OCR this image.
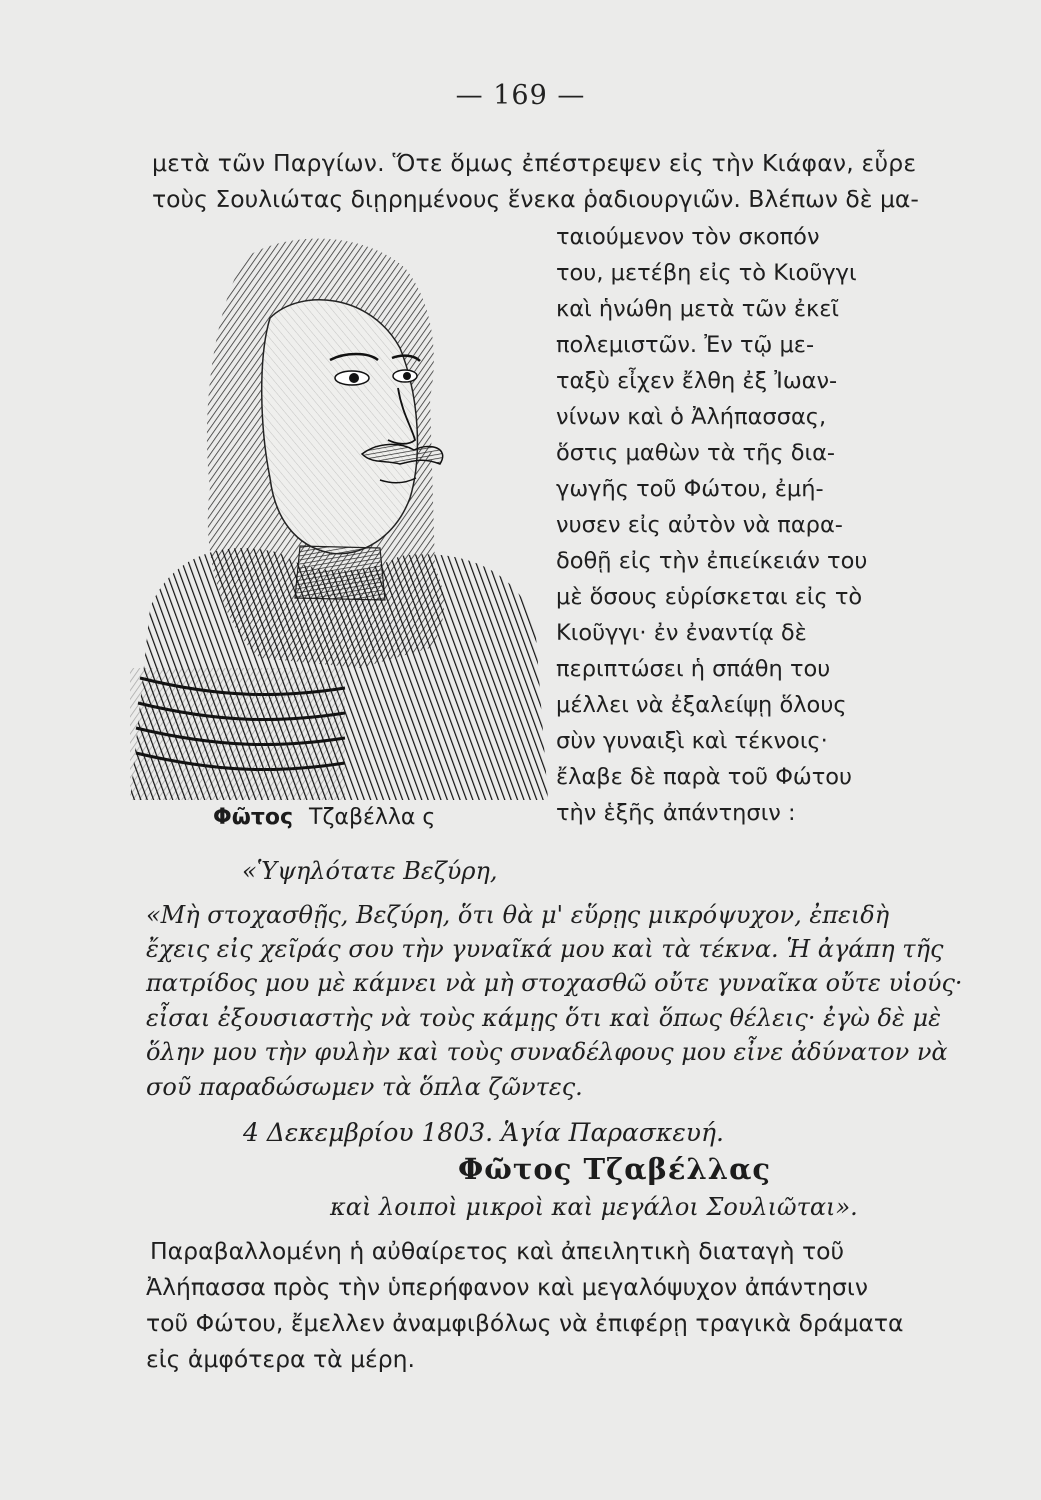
— 169 —
μετὰ τῶν Παργίων. Ὅτε ὅμως ἐπέστρεψεν εἰς τὴν Κιάφαν, εὗρε
τοὺς Σουλιώτας διῃρημένους ἕνεκα ῥαδιουργιῶν. Βλέπων δὲ μα-
ταιούμενον τὸν σκοπόν
του, μετέβη εἰς τὸ Κιοῦγγι
καὶ ἡνώθη μετὰ τῶν ἐκεῖ
πολεμιστῶν. Ἐν τῷ με-
ταξὺ εἶχεν ἔλθη ἐξ Ἰωαν-
νίνων καὶ ὁ Ἀλήπασσας,
ὅστις μαθὼν τὰ τῆς δια-
γωγῆς τοῦ Φώτου, ἐμή-
νυσεν εἰς αὐτὸν νὰ παρα-
δοθῇ εἰς τὴν ἐπιείκειάν του
μὲ ὅσους εὑρίσκεται εἰς τὸ
Κιοῦγγι· ἐν ἐναντίᾳ δὲ
περιπτώσει ἡ σπάθη του
μέλλει νὰ ἐξαλείψῃ ὅλους
σὺν γυναιξὶ καὶ τέκνοις·
ἔλαβε δὲ παρὰ τοῦ Φώτου
τὴν ἑξῆς ἀπάντησιν :
Φῶτος Τζαβέλλα ς
«Ὑψηλότατε Βεζύρη,
«Μὴ στοχασθῇς, Βεζύρη, ὅτι θὰ μ' εὕρῃς μικρόψυχον, ἐπειδὴ
ἔχεις εἰς χεῖράς σου τὴν γυναῖκά μου καὶ τὰ τέκνα. Ἡ ἀγάπη τῆς
πατρίδος μου μὲ κάμνει νὰ μὴ στοχασθῶ οὔτε γυναῖκα οὔτε υἱούς·
εἶσαι ἐξουσιαστὴς νὰ τοὺς κάμῃς ὅτι καὶ ὅπως θέλεις· ἐγὼ δὲ μὲ
ὅλην μου τὴν φυλὴν καὶ τοὺς συναδέλφους μου εἶνε ἀδύνατον νὰ
σοῦ παραδώσωμεν τὰ ὅπλα ζῶντες.
4 Δεκεμβρίου 1803. Ἁγία Παρασκευή.
Φῶτος Τζαβέλλας
καὶ λοιποὶ μικροὶ καὶ μεγάλοι Σουλιῶται».
Παραβαλλομένη ἡ αὐθαίρετος καὶ ἀπειλητικὴ διαταγὴ τοῦ
Ἀλήπασσα πρὸς τὴν ὑπερήφανον καὶ μεγαλόψυχον ἀπάντησιν
τοῦ Φώτου, ἔμελλεν ἀναμφιβόλως νὰ ἐπιφέρῃ τραγικὰ δράματα
εἰς ἀμφότερα τὰ μέρη.
